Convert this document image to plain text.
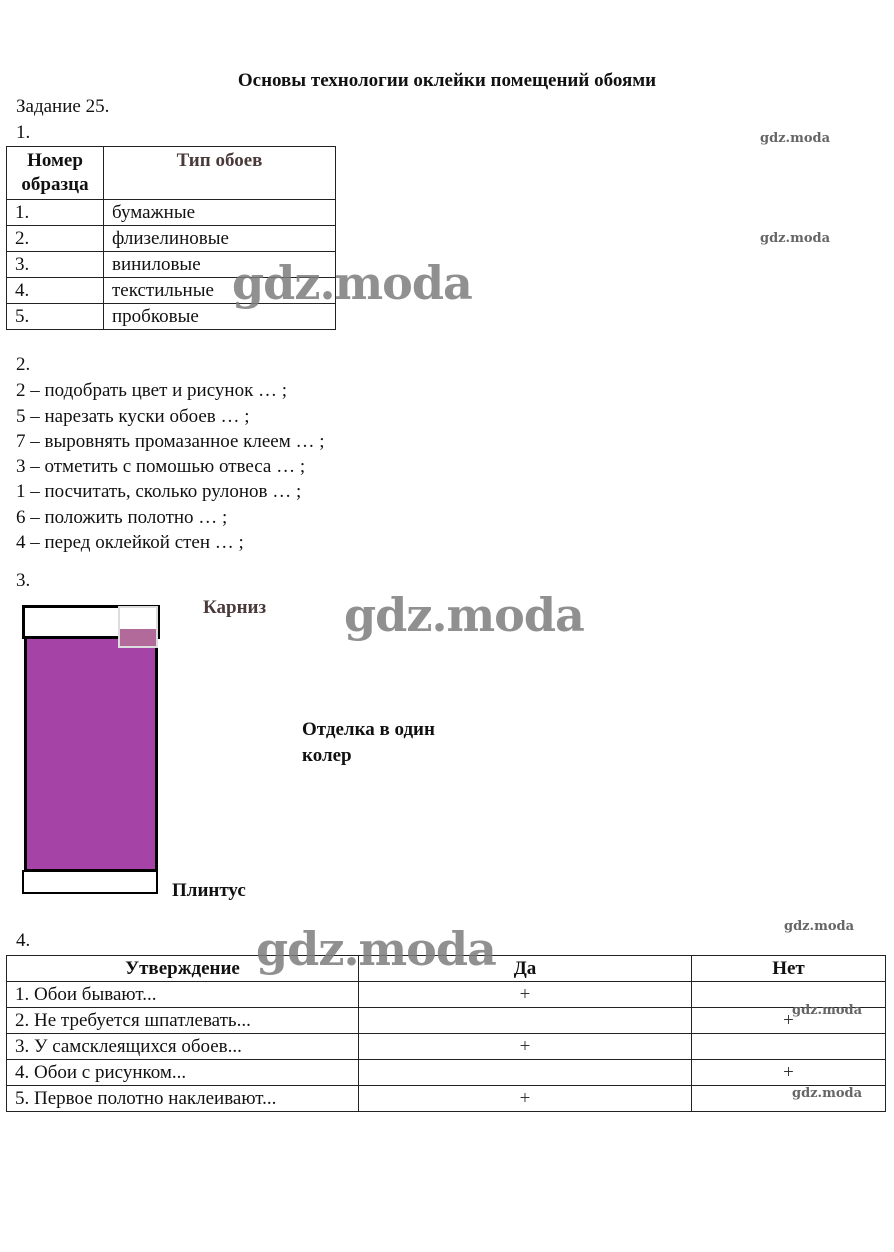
Основы технологии оклейки помещений обоями
Задание 25.
1.
Номер образца	Тип обоев
1.	бумажные
2.	флизелиновые
3.	виниловые
4.	текстильные
5.	пробковые
2.
2 – подобрать цвет и рисунок … ;
5 – нарезать куски обоев … ;
7 – выровнять промазанное клеем … ;
3 – отметить с помошью отвеса … ;
1 – посчитать, сколько рулонов … ;
6 – положить полотно … ;
4 – перед оклейкой стен … ;
3.
Карниз
Отделка в один
колер
Плинтус
4.
Утверждение	Да	Нет
1. Обои бывают...	+	
2. Не требуется шпатлевать...		+
3. У самсклеящихся обоев...	+	
4. Обои с рисунком...		+
5. Первое полотно наклеивают...	+	
gdz.moda
gdz.moda
gdz.moda
gdz.moda
gdz.moda
gdz.moda
gdz.moda
gdz.moda
